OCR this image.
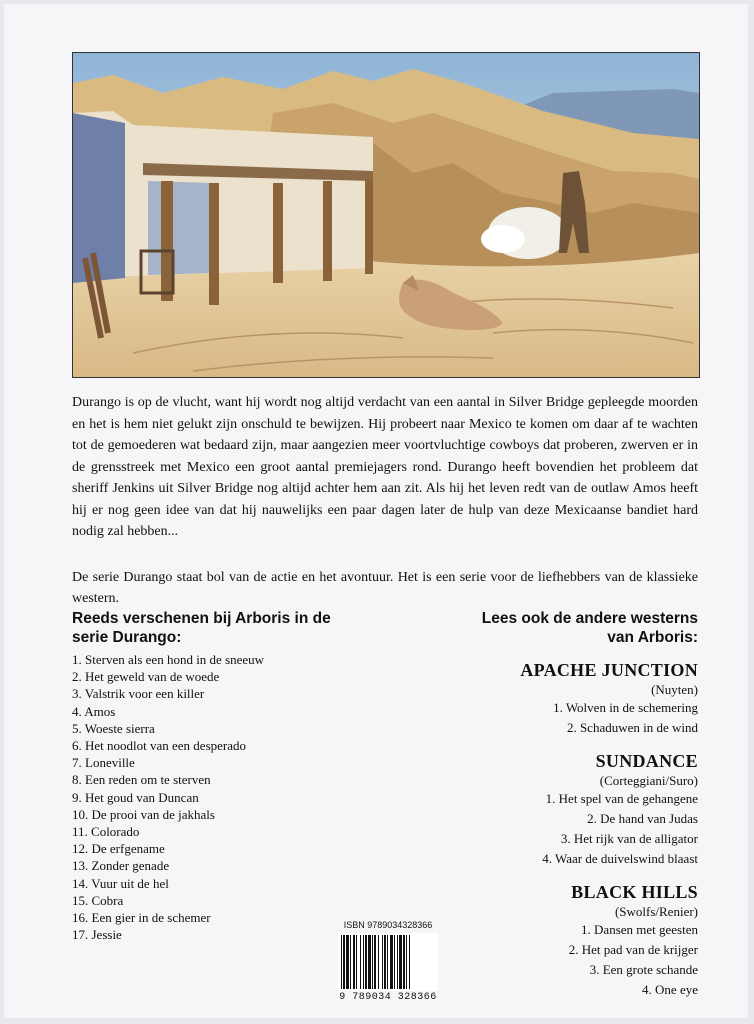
Durango is op de vlucht, want hij wordt nog altijd verdacht van een aantal in Silver Bridge gepleegde moorden en het is hem niet gelukt zijn onschuld te bewijzen. Hij probeert naar Mexico te komen om daar af te wachten tot de gemoederen wat bedaard zijn, maar aangezien meer voortvluchtige cowboys dat proberen, zwerven er in de grensstreek met Mexico een groot aantal premiejagers rond. Durango heeft bovendien het probleem dat sheriff Jenkins uit Silver Bridge nog altijd achter hem aan zit. Als hij het leven redt van de outlaw Amos heeft hij er nog geen idee van dat hij nauwelijks een paar dagen later de hulp van deze Mexicaanse bandiet hard nodig zal hebben...

De serie Durango staat bol van de actie en het avontuur. Het is een serie voor de liefhebbers van de klassieke western.

Reeds verschenen bij Arboris in de serie Durango:
1. Sterven als een hond in de sneeuw
2. Het geweld van de woede
3. Valstrik voor een killer
4. Amos
5. Woeste sierra
6. Het noodlot van een desperado
7. Loneville
8. Een reden om te sterven
9. Het goud van Duncan
10. De prooi van de jakhals
11. Colorado
12. De erfgename
13. Zonder genade
14. Vuur uit de hel
15. Cobra
16. Een gier in de schemer
17. Jessie
Lees ook de andere westerns van Arboris:
APACHE JUNCTION
(Nuyten)
1. Wolven in de schemering
2. Schaduwen in de wind
SUNDANCE
(Corteggiani/Suro)
1. Het spel van de gehangene
2. De hand van Judas
3. Het rijk van de alligator
4. Waar de duivelswind blaast
BLACK HILLS
(Swolfs/Renier)
1. Dansen met geesten
2. Het pad van de krijger
3. Een grote schande
4. One eye
ISBN 9789034328366
9 789034 328366
